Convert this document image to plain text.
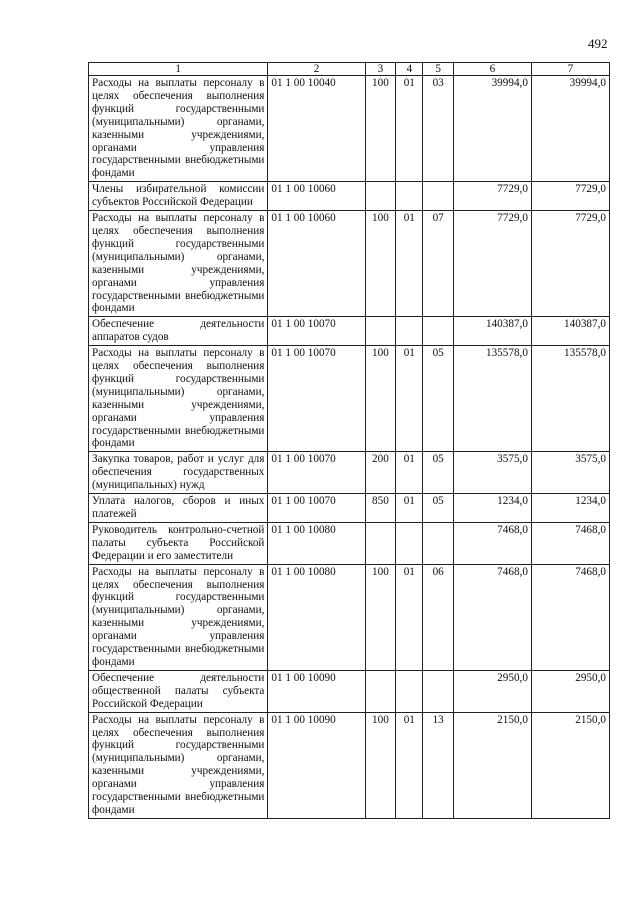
492
1	2	3	4	5	6	7
Расходы на выплаты персоналу в целях обеспечения выполнения функций государственными (муниципальными) органами, казенными учреждениями, органами управления государственными внебюджетными фондами	01 1 00 10040	100	01	03	39994,0	39994,0
Члены избирательной комиссии субъектов Российской Федерации	01 1 00 10060				7729,0	7729,0
Расходы на выплаты персоналу в целях обеспечения выполнения функций государственными (муниципальными) органами, казенными учреждениями, органами управления государственными внебюджетными фондами	01 1 00 10060	100	01	07	7729,0	7729,0
Обеспечение деятельности аппаратов судов	01 1 00 10070				140387,0	140387,0
Расходы на выплаты персоналу в целях обеспечения выполнения функций государственными (муниципальными) органами, казенными учреждениями, органами управления государственными внебюджетными фондами	01 1 00 10070	100	01	05	135578,0	135578,0
Закупка товаров, работ и услуг для обеспечения государственных (муниципальных) нужд	01 1 00 10070	200	01	05	3575,0	3575,0
Уплата налогов, сборов и иных платежей	01 1 00 10070	850	01	05	1234,0	1234,0
Руководитель контрольно-счетной палаты субъекта Российской Федерации и его заместители	01 1 00 10080				7468,0	7468,0
Расходы на выплаты персоналу в целях обеспечения выполнения функций государственными (муниципальными) органами, казенными учреждениями, органами управления государственными внебюджетными фондами	01 1 00 10080	100	01	06	7468,0	7468,0
Обеспечение деятельности общественной палаты субъекта Российской Федерации	01 1 00 10090				2950,0	2950,0
Расходы на выплаты персоналу в целях обеспечения выполнения функций государственными (муниципальными) органами, казенными учреждениями, органами управления государственными внебюджетными фондами	01 1 00 10090	100	01	13	2150,0	2150,0
